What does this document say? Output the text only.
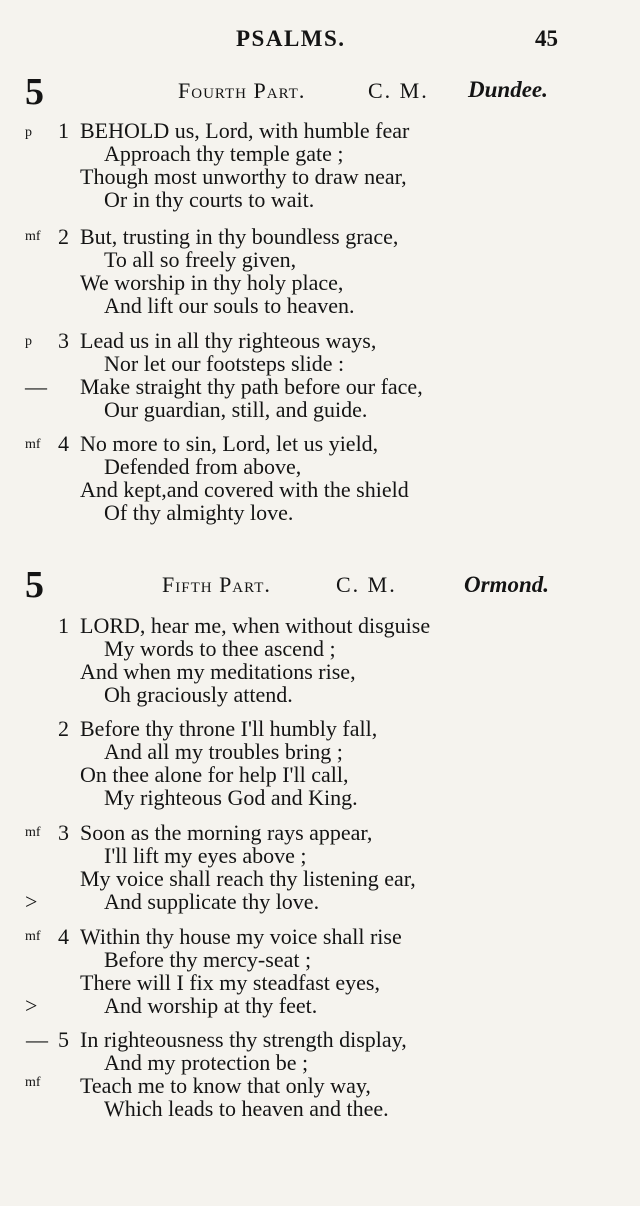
PSALMS.	45
5	Fourth Part.	C. M. Dundee.
p 1 BEHOLD us, Lord, with humble fear
Approach thy temple gate ;
Though most unworthy to draw near,
Or in thy courts to wait.
mf 2 But, trusting in thy boundless grace,
To all so freely given,
We worship in thy holy place,
And lift our souls to heaven.
p 3 Lead us in all thy righteous ways,
Nor let our footsteps slide :
— Make straight thy path before our face,
Our guardian, still, and guide.
mf 4 No more to sin, Lord, let us yield,
Defended from above,
And kept,and covered with the shield
Of thy almighty love.
5	Fifth Part.	C. M.	Ormond.
1 LORD, hear me, when without disguise
My words to thee ascend ;
And when my meditations rise,
Oh graciously attend.
2 Before thy throne I'll humbly fall,
And all my troubles bring ;
On thee alone for help I'll call,
My righteous God and King.
mf 3 Soon as the morning rays appear,
I'll lift my eyes above ;
My voice shall reach thy listening ear,
>	And supplicate thy love.
mf 4 Within thy house my voice shall rise
Before thy mercy-seat ;
There will I fix my steadfast eyes,
>	And worship at thy feet.
— 5 In righteousness thy strength display,
And my protection be ;
mf Teach me to know that only way,
Which leads to heaven and thee.
